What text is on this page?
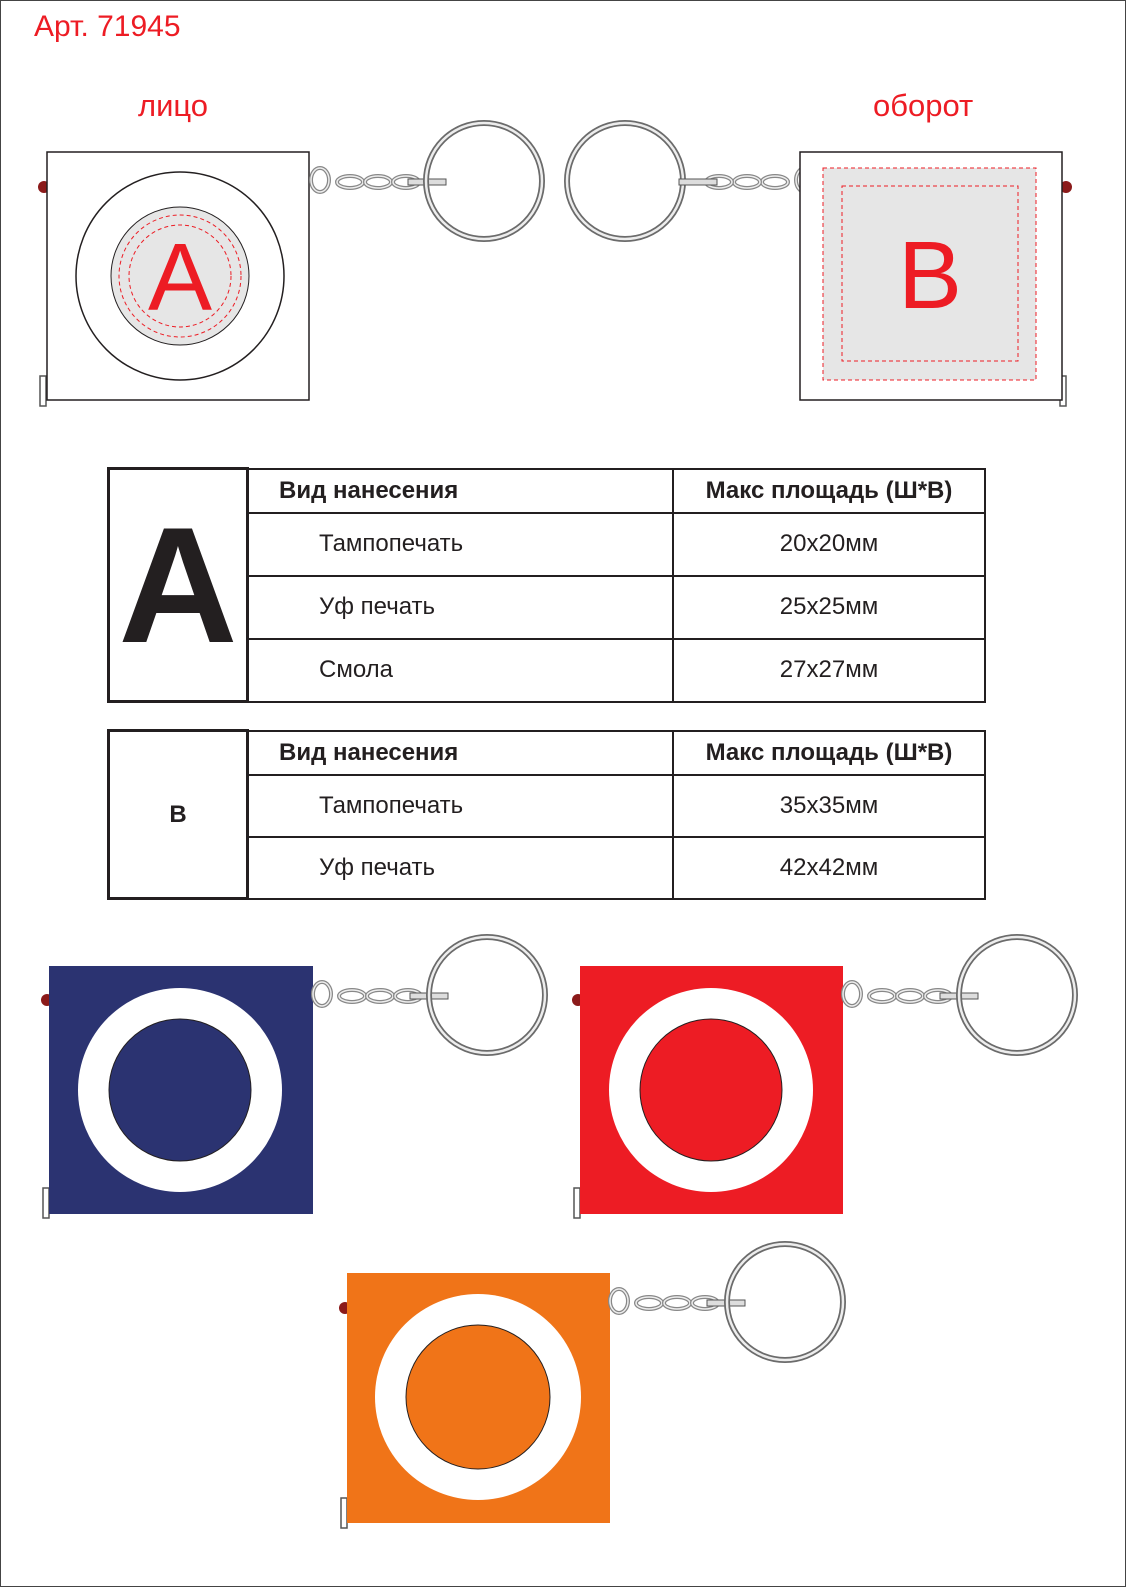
Арт. 71945
лицо	оборот
A	B
A	Вид нанесения	Макс площадь (Ш*В)
	Тампопечать	20x20мм
	Уф печать	25x25мм
	Смола	27x27мм
B	Вид нанесения	Макс площадь (Ш*В)
	Тампопечать	35x35мм
	Уф печать	42x42мм
